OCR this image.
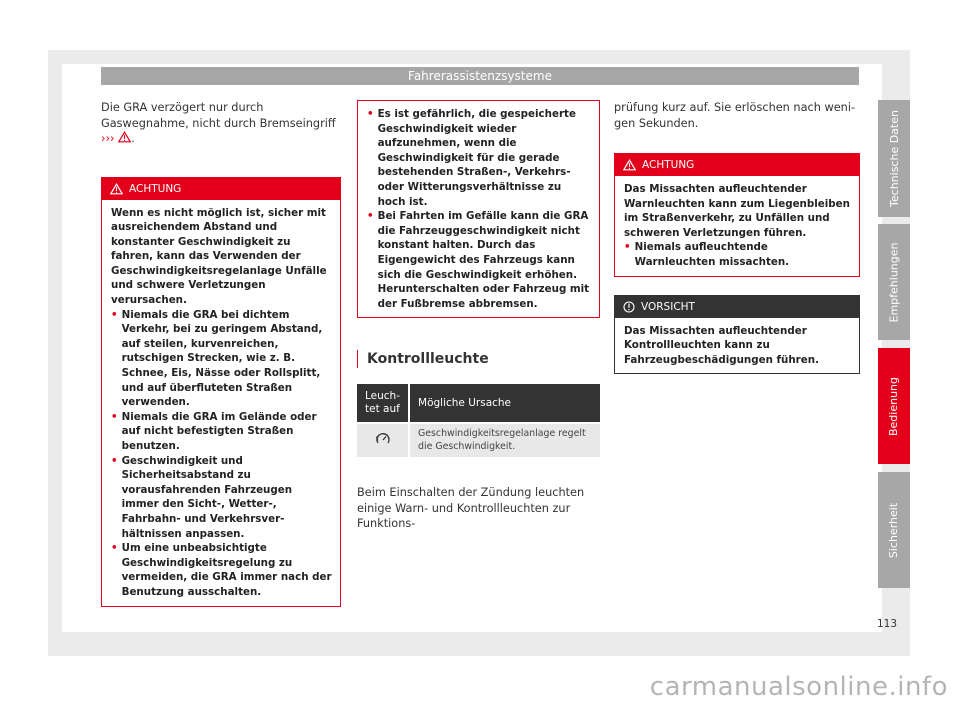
Fahrerassistenzsysteme

Die GRA verzögert nur durch Gaswegnahme, nicht durch Bremseingriff ››› .

ACHTUNG

Wenn es nicht möglich ist, sicher mit ausreichendem Abstand und konstanter Geschwindigkeit zu fahren, kann das Verwenden der Geschwindigkeitsregelanlage Unfälle und schwere Verletzungen verursachen.

• Niemals die GRA bei dichtem Verkehr, bei zu geringem Abstand, auf steilen, kurvenreichen, rutschigen Strecken, wie z. B. Schnee, Eis, Nässe oder Rollsplitt, und auf überfluteten Straßen verwenden.
• Niemals die GRA im Gelände oder auf nicht befestigten Straßen benutzen.
• Geschwindigkeit und Sicherheitsabstand zu vorausfahrenden Fahrzeugen immer den Sicht-, Wetter-, Fahrbahn- und Verkehrsverhältnissen anpassen.
• Um eine unbeabsichtigte Geschwindigkeitsregelung zu vermeiden, die GRA immer nach der Benutzung ausschalten.
• Es ist gefährlich, die gespeicherte Geschwindigkeit wieder aufzunehmen, wenn die Geschwindigkeit für die gerade bestehenden Straßen-, Verkehrs- oder Witterungsverhältnisse zu hoch ist.
• Bei Fahrten im Gefälle kann die GRA die Fahrzeuggeschwindigkeit nicht konstant halten. Durch das Eigengewicht des Fahrzeugs kann sich die Geschwindigkeit erhöhen. Herunterschalten oder Fahrzeug mit der Fußbremse abbremsen.
Kontrollleuchte
Leuchtet auf	Mögliche Ursache
	Geschwindigkeitsregelanlage regelt die Geschwindigkeit.

Beim Einschalten der Zündung leuchten einige Warn- und Kontrollleuchten zur Funktions-

prüfung kurz auf. Sie erlöschen nach wenigen Sekunden.

ACHTUNG

Das Missachten aufleuchtender Warnleuchten kann zum Liegenbleiben im Straßenverkehr, zu Unfällen und schweren Verletzungen führen.

• Niemals aufleuchtende Warnleuchten missachten.
VORSICHT

Das Missachten aufleuchtender Kontrollleuchten kann zu Fahrzeugbeschädigungen führen.

Technische Daten
Empfehlungen
Bedienung
Sicherheit
113
carmanualsonline.info
